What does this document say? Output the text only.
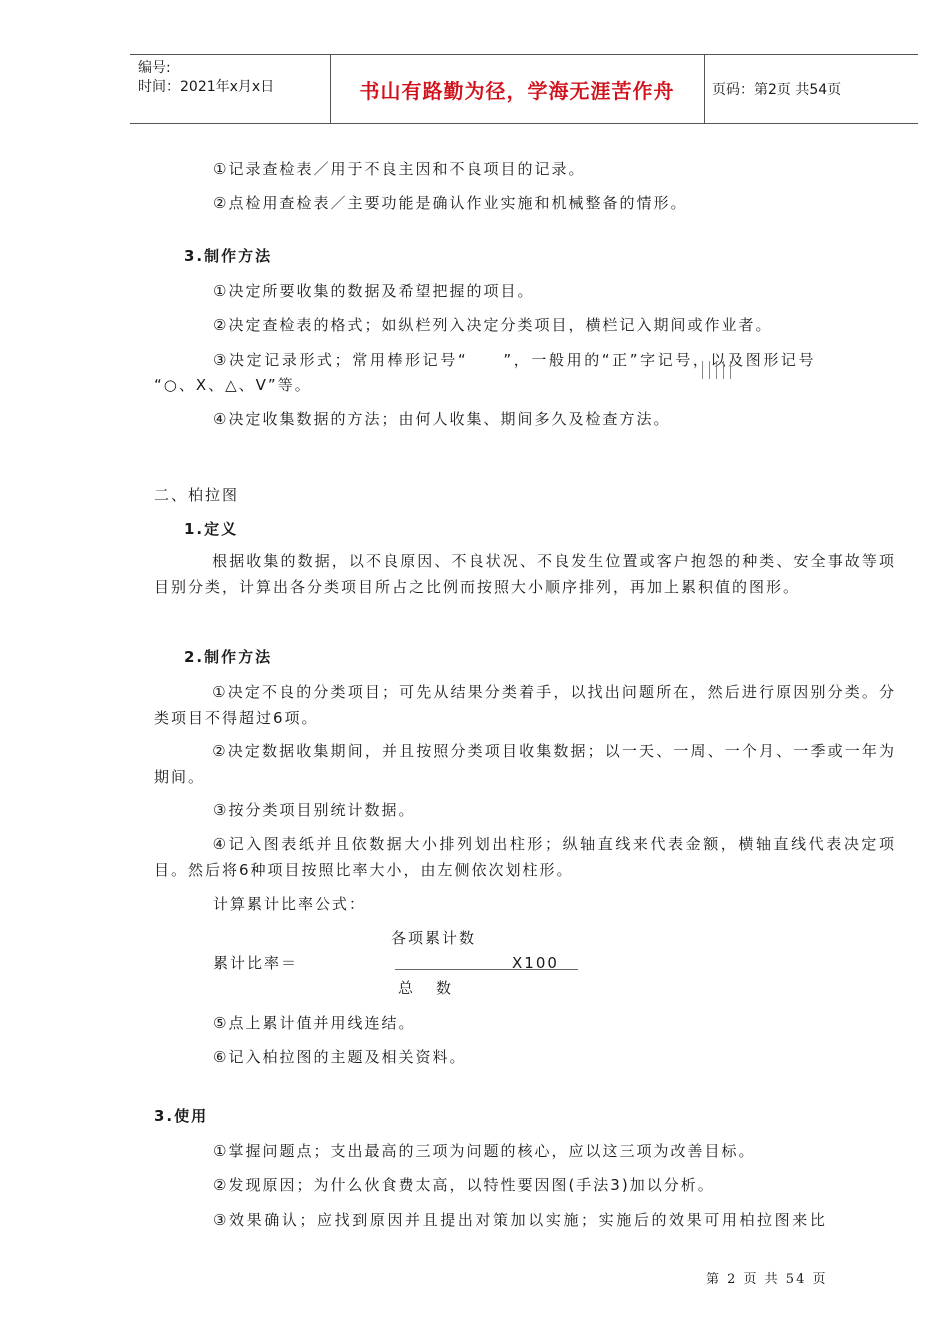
编号:
时间：2021年x月x日	书山有路勤为径，学海无涯苦作舟	页码：第2页 共54页
①记录查检表／用于不良主因和不良项目的记录。
②点检用查检表／主要功能是确认作业实施和机械整备的情形。
3.制作方法
①决定所要收集的数据及希望把握的项目。
②决定查检表的格式；如纵栏列入决定分类项目，横栏记入期间或作业者。
③决定记录形式；常用棒形记号“　　”，一般用的“正”字记号，以及图形记号
“○、X、△、V”等。
④决定收集数据的方法；由何人收集、期间多久及检查方法。
二、柏拉图
1.定义
根据收集的数据，以不良原因、不良状况、不良发生位置或客户抱怨的种类、安全事故等项目别分类，计算出各分类项目所占之比例而按照大小顺序排列，再加上累积值的图形。
2.制作方法
①决定不良的分类项目；可先从结果分类着手，以找出问题所在，然后进行原因别分类。分类项目不得超过6项。
②决定数据收集期间，并且按照分类项目收集数据；以一天、一周、一个月、一季或一年为期间。
③按分类项目别统计数据。
④记入图表纸并且依数据大小排列划出柱形；纵轴直线来代表金额，横轴直线代表决定项目。然后将6种项目按照比率大小，由左侧依次划柱形。
计算累计比率公式：
各项累计数
累计比率＝	X100
总　数
⑤点上累计值并用线连结。
⑥记入柏拉图的主题及相关资料。
3.使用
①掌握问题点；支出最高的三项为问题的核心，应以这三项为改善目标。
②发现原因；为什么伙食费太高，以特性要因图(手法3)加以分析。
③效果确认；应找到原因并且提出对策加以实施；实施后的效果可用柏拉图来比
第 2 页 共 54 页
